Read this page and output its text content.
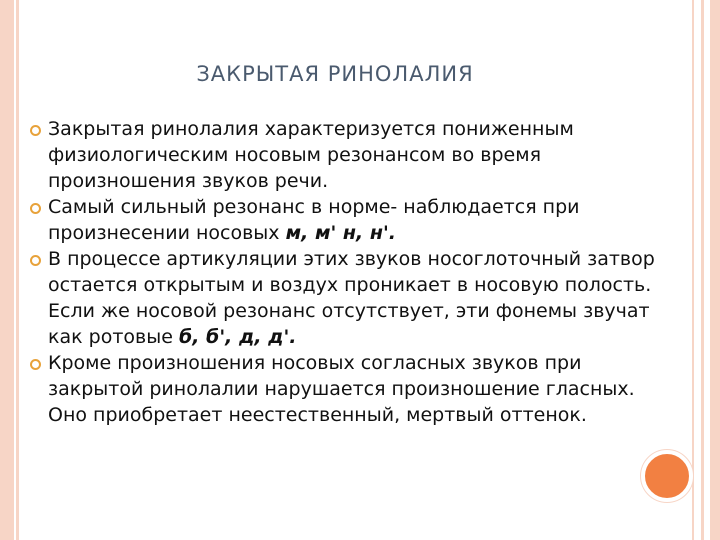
ЗАКРЫТАЯ РИНОЛАЛИЯ
Закрытая ринолалия характеризуется пониженным физиологическим носовым резонансом во время произношения звуков речи.
Самый сильный резонанс в норме- наблюдается при произнесении носовых м, м' н, н'.
В процессе артикуляции этих звуков носоглоточный затвор остается открытым и воздух проникает в носовую полость. Если же носовой резонанс отсутствует, эти фонемы звучат как ротовые б, б', д, д'.
Кроме произношения носовых согласных звуков при закрытой ринолалии нарушается произношение гласных. Оно приобретает неестественный, мертвый оттенок.
